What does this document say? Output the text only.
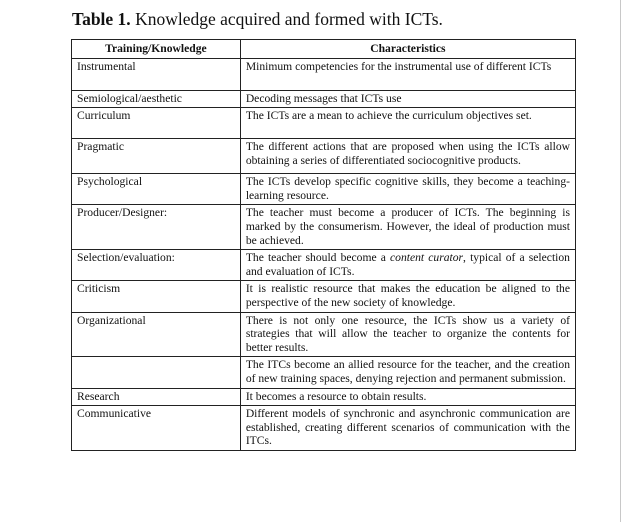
Table 1. Knowledge acquired and formed with ICTs.
Training/Knowledge	Characteristics
Instrumental	Minimum competencies for the instrumental use of different ICTs
Semiological/aesthetic	Decoding messages that ICTs use
Curriculum	The ICTs are a mean to achieve the curriculum objectives set.
Pragmatic	The different actions that are proposed when using the ICTs allow obtaining a series of differentiated sociocognitive products.
Psychological	The ICTs develop specific cognitive skills, they become a teaching-learning resource.
Producer/Designer:	The teacher must become a producer of ICTs. The beginning is marked by the consumerism. However, the ideal of production must be achieved.
Selection/evaluation:	The teacher should become a content curator, typical of a selection and evaluation of ICTs.
Criticism	It is realistic resource that makes the education be aligned to the perspective of the new society of knowledge.
Organizational	There is not only one resource, the ICTs show us a variety of strategies that will allow the teacher to organize the contents for better results.
	The ITCs become an allied resource for the teacher, and the creation of new training spaces, denying rejection and permanent submission.
Research	It becomes a resource to obtain results.
Communicative	Different models of synchronic and asynchronic communication are established, creating different scenarios of communication with the ITCs.
